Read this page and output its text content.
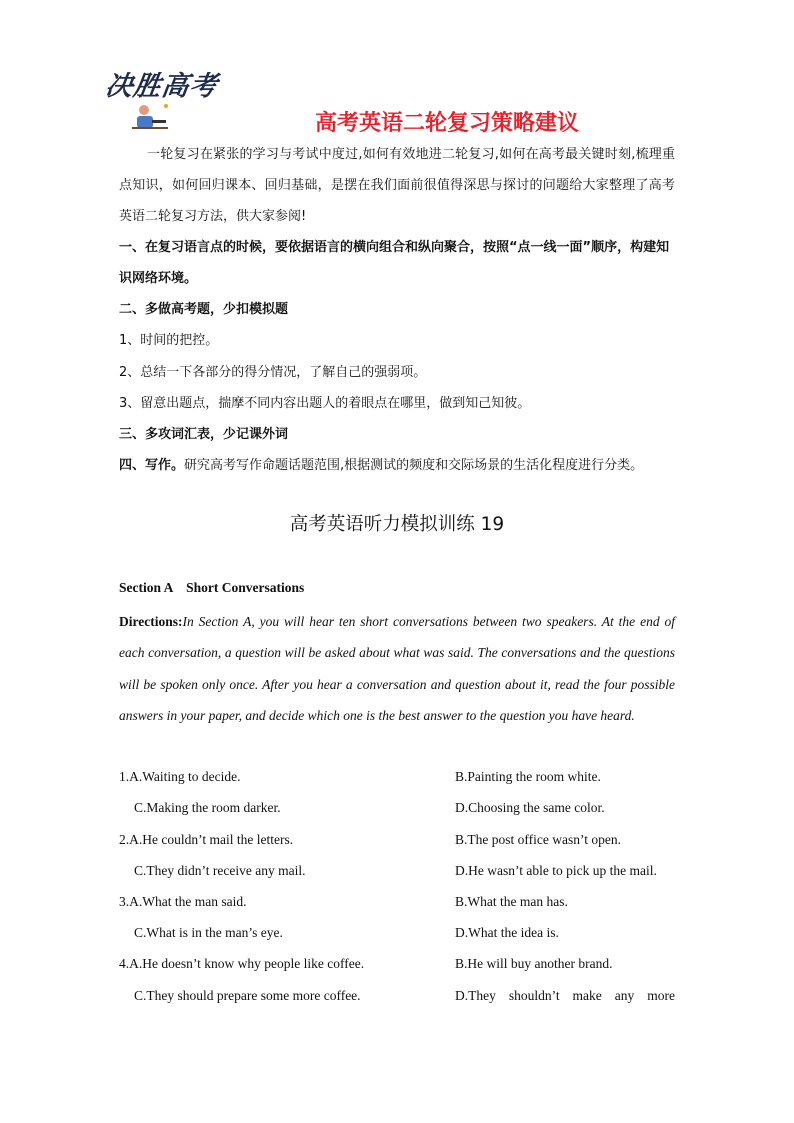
决胜高考
高考英语二轮复习策略建议
一轮复习在紧张的学习与考试中度过,如何有效地进二轮复习,如何在高考最关键时刻,梳理重点知识，如何回归课本、回归基础，是摆在我们面前很值得深思与探讨的问题给大家整理了高考英语二轮复习方法，供大家参阅!
一、在复习语言点的时候，要依据语言的横向组合和纵向聚合，按照“点一线一面”顺序，构建知识网络环境。
二、多做高考题，少扣模拟题
1、时间的把控。
2、总结一下各部分的得分情况，了解自己的强弱项。
3、留意出题点，揣摩不同内容出题人的着眼点在哪里，做到知己知彼。
三、多攻词汇表，少记课外词
四、写作。研究高考写作命题话题范围,根据测试的频度和交际场景的生活化程度进行分类。
高考英语听力模拟训练 19
Section A    Short Conversations
Directions:In Section A, you will hear ten short conversations between two speakers. At the end of each conversation, a question will be asked about what was said. The conversations and the questions will be spoken only once. After you hear a conversation and question about it, read the four possible answers in your paper, and decide which one is the best answer to the question you have heard.
1.A.Waiting to decide.	B.Painting the room white.
C.Making the room darker.	D.Choosing the same color.
2.A.He couldn’t mail the letters.	B.The post office wasn’t open.
C.They didn’t receive any mail.	D.He wasn’t able to pick up the mail.
3.A.What the man said.	B.What the man has.
C.What is in the man’s eye.	D.What the idea is.
4.A.He doesn’t know why people like coffee.	B.He will buy another brand.
C.They should prepare some more coffee.	D.They shouldn’t make any more
